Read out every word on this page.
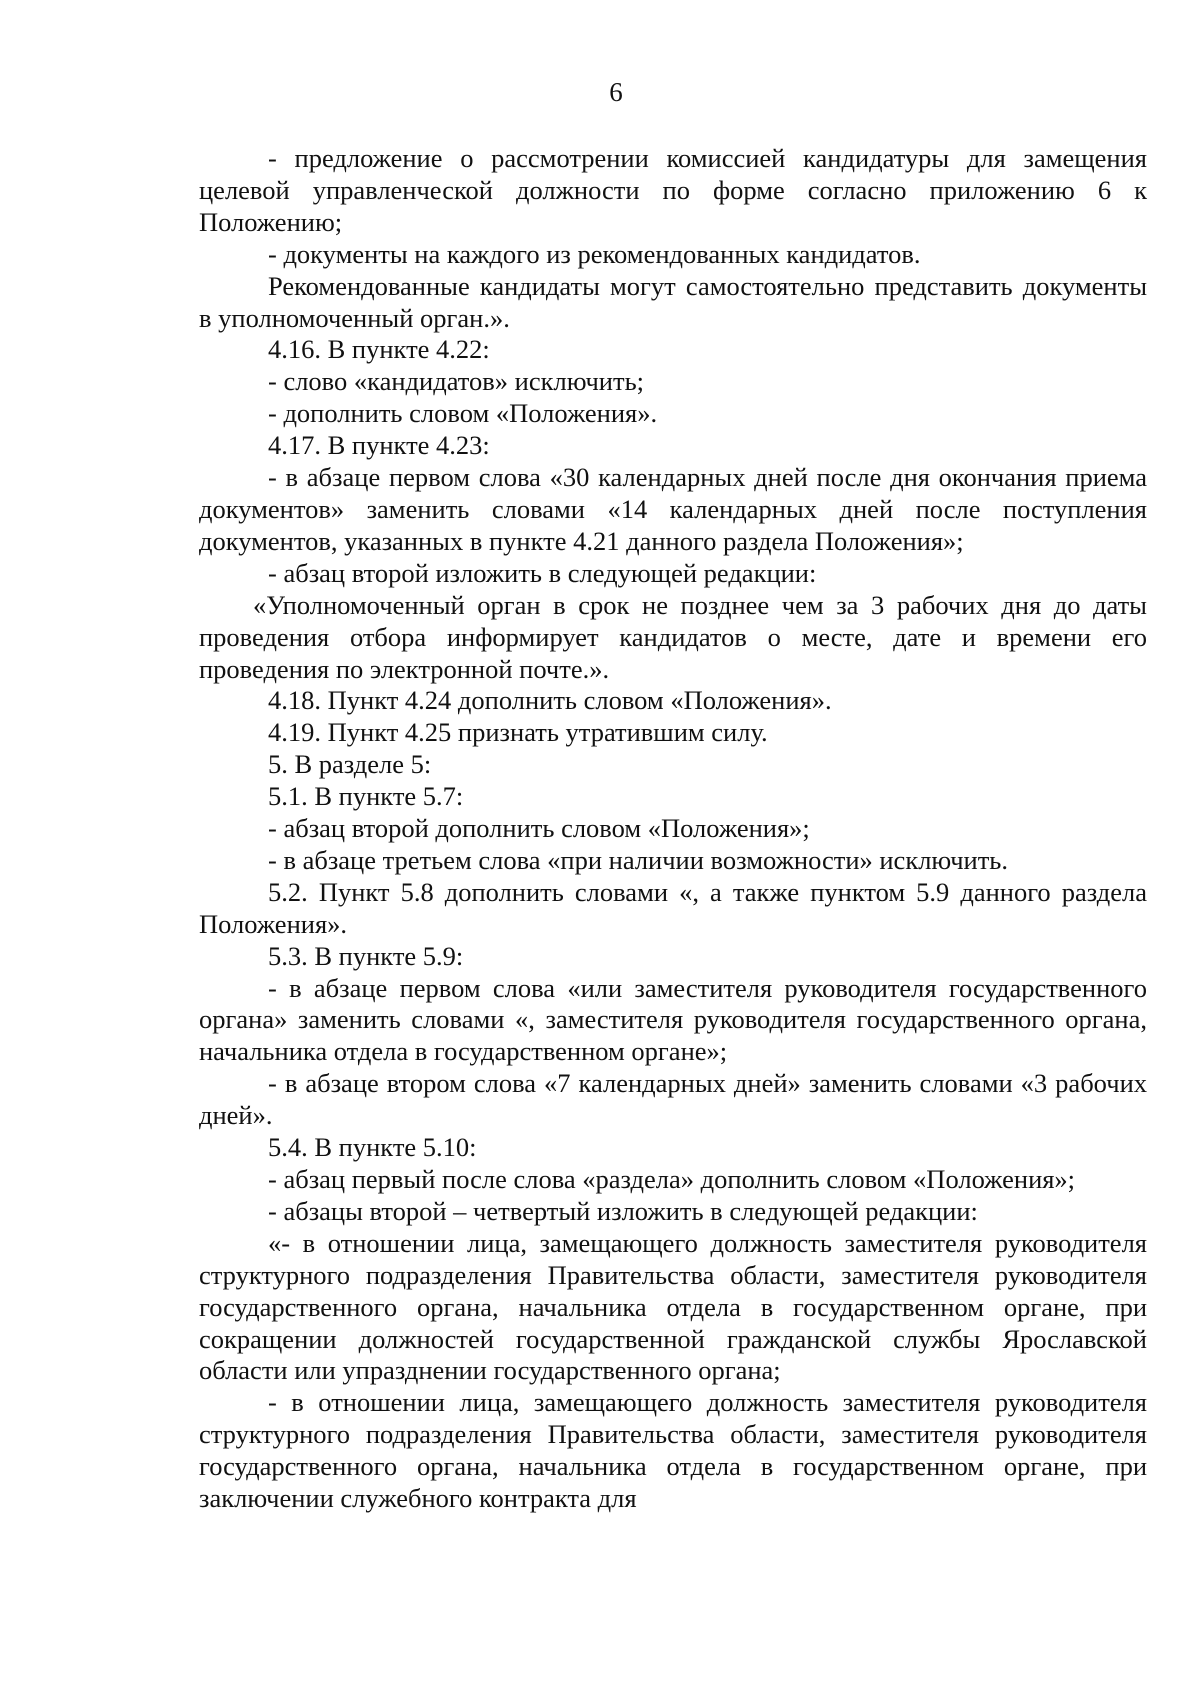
6

- предложение о рассмотрении комиссией кандидатуры для замещения целевой управленческой должности по форме согласно приложению 6 к Положению;

- документы на каждого из рекомендованных кандидатов.

Рекомендованные кандидаты могут самостоятельно представить документы в уполномоченный орган.».

4.16. В пункте 4.22:

- слово «кандидатов» исключить;

- дополнить словом «Положения».

4.17. В пункте 4.23:

- в абзаце первом слова «30 календарных дней после дня окончания приема документов» заменить словами «14 календарных дней после поступления документов, указанных в пункте 4.21 данного раздела Положения»;

- абзац второй изложить в следующей редакции:

«Уполномоченный орган в срок не позднее чем за 3 рабочих дня до даты проведения отбора информирует кандидатов о месте, дате и времени его проведения по электронной почте.».

4.18. Пункт 4.24 дополнить словом «Положения».

4.19. Пункт 4.25 признать утратившим силу.

5. В разделе 5:

5.1. В пункте 5.7:

- абзац второй дополнить словом «Положения»;

- в абзаце третьем слова «при наличии возможности» исключить.

5.2. Пункт 5.8 дополнить словами «, а также пунктом 5.9 данного раздела Положения».

5.3. В пункте 5.9:

- в абзаце первом слова «или заместителя руководителя государственного органа» заменить словами «, заместителя руководителя государственного органа, начальника отдела в государственном органе»;

- в абзаце втором слова «7 календарных дней» заменить словами «3 рабочих дней».

5.4. В пункте 5.10:

- абзац первый после слова «раздела» дополнить словом «Положения»;

- абзацы второй – четвертый изложить в следующей редакции:

«- в отношении лица, замещающего должность заместителя руководителя структурного подразделения Правительства области, заместителя руководителя государственного органа, начальника отдела в государственном органе, при сокращении должностей государственной гражданской службы Ярославской области или упразднении государственного органа;

- в отношении лица, замещающего должность заместителя руководителя структурного подразделения Правительства области, заместителя руководителя государственного органа, начальника отдела в государственном органе, при заключении служебного контракта для
